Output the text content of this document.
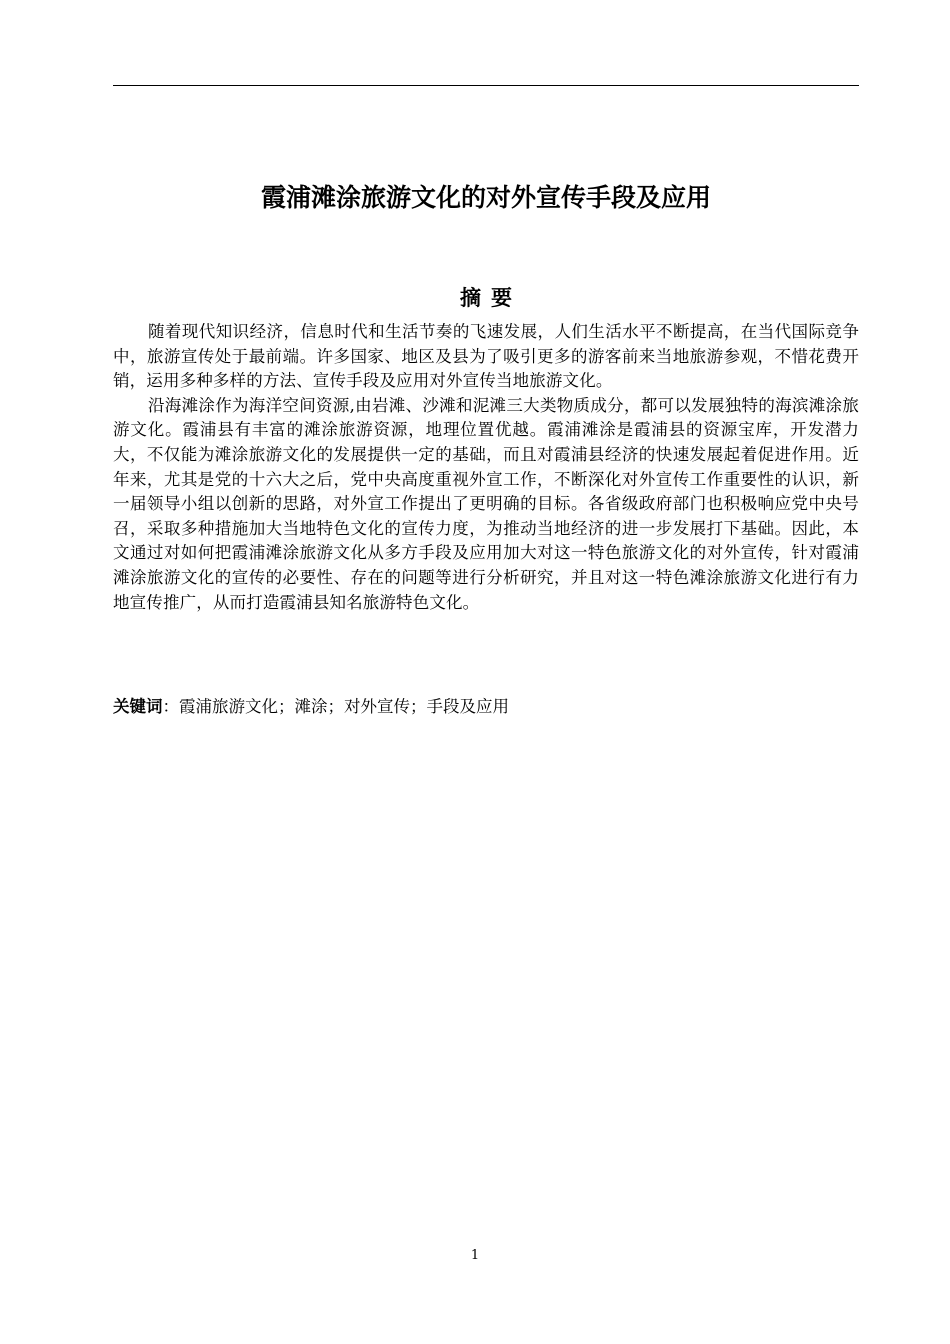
霞浦滩涂旅游文化的对外宣传手段及应用
摘要

随着现代知识经济，信息时代和生活节奏的飞速发展，人们生活水平不断提高，在当代国际竞争中，旅游宣传处于最前端。许多国家、地区及县为了吸引更多的游客前来当地旅游参观，不惜花费开销，运用多种多样的方法、宣传手段及应用对外宣传当地旅游文化。

沿海滩涂作为海洋空间资源,由岩滩、沙滩和泥滩三大类物质成分，都可以发展独特的海滨滩涂旅游文化。霞浦县有丰富的滩涂旅游资源，地理位置优越。霞浦滩涂是霞浦县的资源宝库，开发潜力大，不仅能为滩涂旅游文化的发展提供一定的基础，而且对霞浦县经济的快速发展起着促进作用。近年来，尤其是党的十六大之后，党中央高度重视外宣工作，不断深化对外宣传工作重要性的认识，新一届领导小组以创新的思路，对外宣工作提出了更明确的目标。各省级政府部门也积极响应党中央号召，采取多种措施加大当地特色文化的宣传力度，为推动当地经济的进一步发展打下基础。因此，本文通过对如何把霞浦滩涂旅游文化从多方手段及应用加大对这一特色旅游文化的对外宣传，针对霞浦滩涂旅游文化的宣传的必要性、存在的问题等进行分析研究，并且对这一特色滩涂旅游文化进行有力地宣传推广，从而打造霞浦县知名旅游特色文化。

关键词：霞浦旅游文化；滩涂；对外宣传；手段及应用

1
